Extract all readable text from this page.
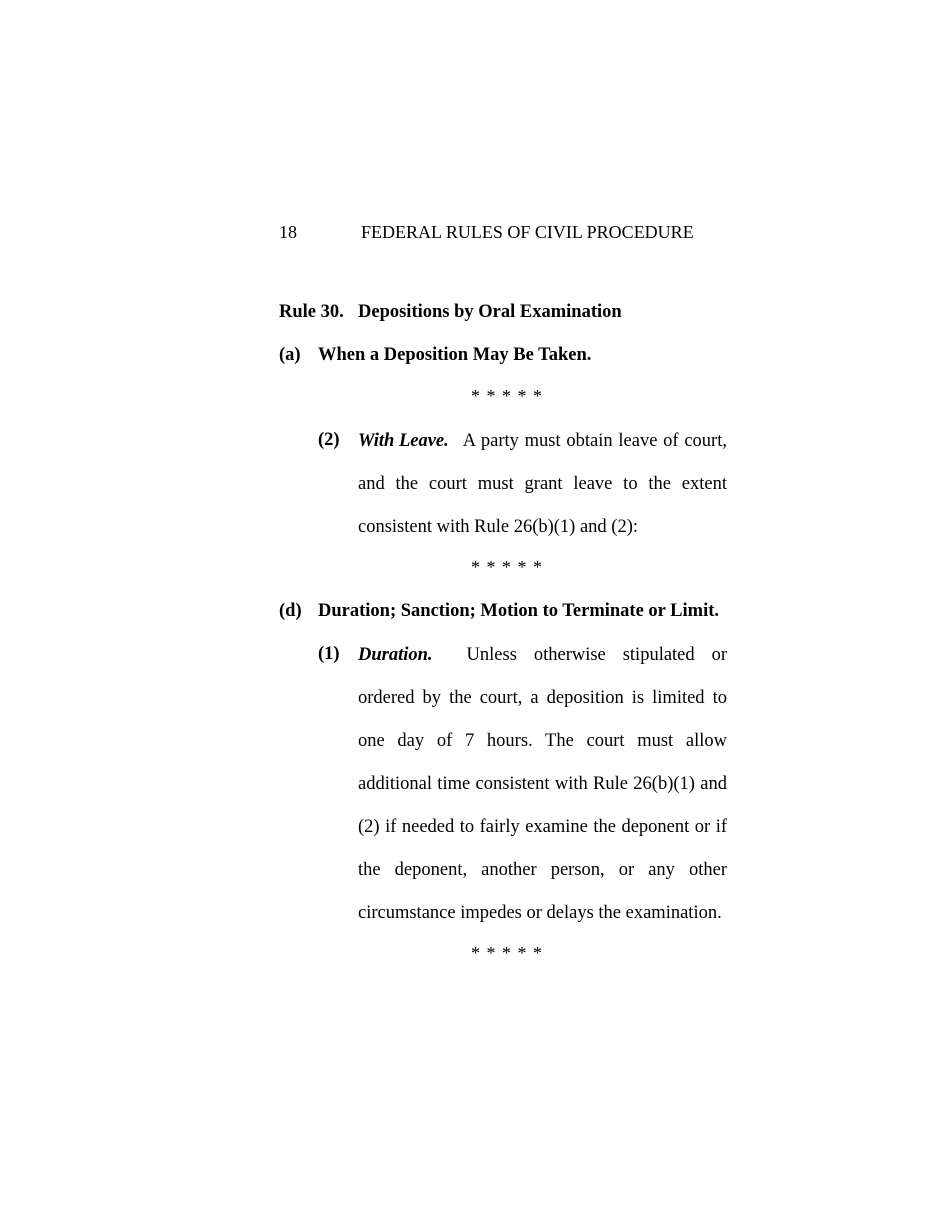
18	FEDERAL RULES OF CIVIL PROCEDURE
Rule 30. Depositions by Oral Examination
(a) When a Deposition May Be Taken.
* * * * *
(2) With Leave. A party must obtain leave of court,
and the court must grant leave to the extent
consistent with Rule 26(b)(1) and (2):
* * * * *
(d) Duration; Sanction; Motion to Terminate or Limit.
(1) Duration. Unless otherwise stipulated or
ordered by the court, a deposition is limited to
one day of 7 hours. The court must allow
additional time consistent with Rule 26(b)(1) and
(2) if needed to fairly examine the deponent or if
the deponent, another person, or any other
circumstance impedes or delays the examination.
* * * * *
